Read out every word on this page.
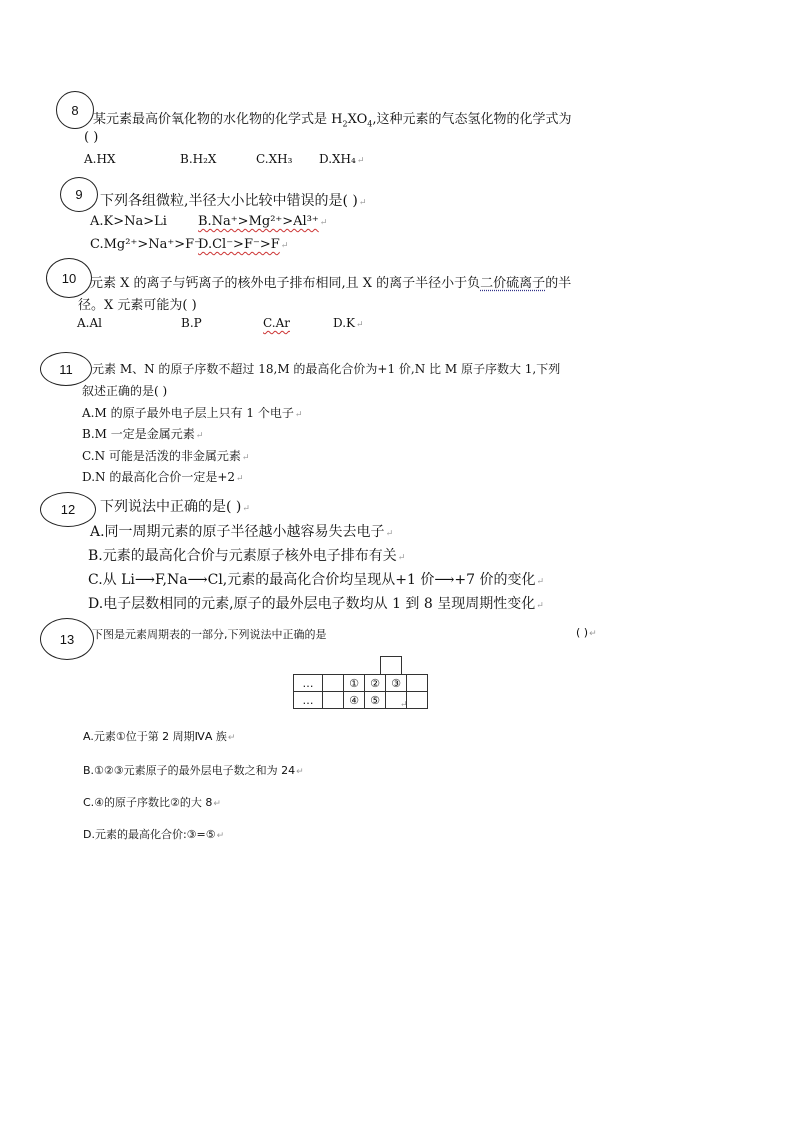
8
某元素最高价氧化物的水化物的化学式是 $H_2XO_4$,这种元素的气态氢化物的化学式为
( )
A.HX	B.H₂X	C.XH₃ D.XH₄↵
9 下列各组微粒,半径大小比较中错误的是( )↵
A.K>Na>Li B.Na⁺>Mg²⁺>Al³⁺↵
C.Mg²⁺>Na⁺>F⁻
D.Cl⁻>F⁻>F↵
10 元素 X 的离子与钙离子的核外电子排布相同,且 X 的离子半径小于负二价硫离子的半
径。X 元素可能为( )
A.Al	B.P	C.Ar	D.K↵
11 元素 M、N 的原子序数不超过 18,M 的最高化合价为+1 价,N 比 M 原子序数大 1,下列
叙述正确的是( )
A.M 的原子最外电子层上只有 1 个电子↵
B.M 一定是金属元素↵
C.N 可能是活泼的非金属元素↵
D.N 的最高化合价一定是+2↵
12 下列说法中正确的是( )↵
A.同一周期元素的原子半径越小越容易失去电子↵
B.元素的最高化合价与元素原子核外电子排布有关↵
C.从 Li⟶F,Na⟶Cl,元素的最高化合价均呈现从+1 价⟶+7 价的变化↵
D.电子层数相同的元素,原子的最外层电子数均从 1 到 8 呈现周期性变化↵
13 下图是元素周期表的一部分,下列说法中正确的是	( )↵
…		①	②	③	
…		④	⑤		↵
A.元素①位于第 2 周期ⅣA 族↵
B.①②③元素原子的最外层电子数之和为 24↵
C.④的原子序数比②的大 8↵
D.元素的最高化合价:③=⑤↵
